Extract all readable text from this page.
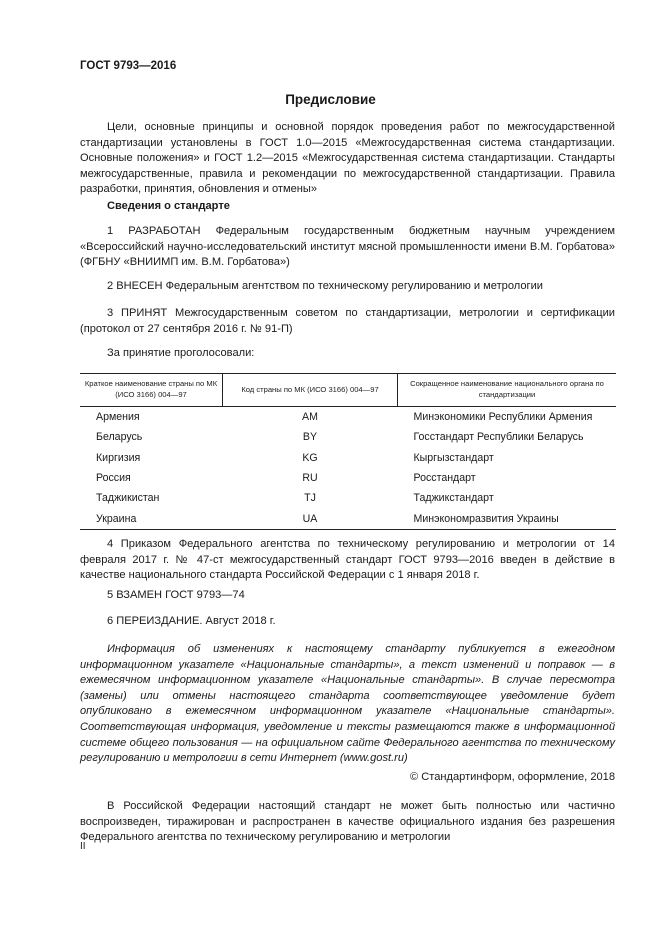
ГОСТ 9793—2016
Предисловие

Цели, основные принципы и основной порядок проведения работ по межгосударственной стандартизации установлены в ГОСТ 1.0—2015 «Межгосударственная система стандартизации. Основные положения» и ГОСТ 1.2—2015 «Межгосударственная система стандартизации. Стандарты межгосударственные, правила и рекомендации по межгосударственной стандартизации. Правила разработки, принятия, обновления и отмены»

Сведения о стандарте

1 РАЗРАБОТАН Федеральным государственным бюджетным научным учреждением «Всероссийский научно-исследовательский институт мясной промышленности имени В.М. Горбатова» (ФГБНУ «ВНИИМП им. В.М. Горбатова»)

2 ВНЕСЕН Федеральным агентством по техническому регулированию и метрологии

3 ПРИНЯТ Межгосударственным советом по стандартизации, метрологии и сертификации (протокол от 27 сентября 2016 г. № 91-П)

За принятие проголосовали:

Краткое наименование страны по МК (ИСО 3166) 004—97	Код страны по МК (ИСО 3166) 004—97	Сокращенное наименование национального органа по стандартизации
Армения	AM	Минэкономики Республики Армения
Беларусь	BY	Госстандарт Республики Беларусь
Киргизия	KG	Кыргызстандарт
Россия	RU	Росстандарт
Таджикистан	TJ	Таджикстандарт
Украина	UA	Минэкономразвития Украины

4 Приказом Федерального агентства по техническому регулированию и метрологии от 14 февраля 2017 г. № 47-ст межгосударственный стандарт ГОСТ 9793—2016 введен в действие в качестве национального стандарта Российской Федерации с 1 января 2018 г.

5 ВЗАМЕН ГОСТ 9793—74

6 ПЕРЕИЗДАНИЕ. Август 2018 г.

Информация об изменениях к настоящему стандарту публикуется в ежегодном информационном указателе «Национальные стандарты», а текст изменений и поправок — в ежемесячном информационном указателе «Национальные стандарты». В случае пересмотра (замены) или отмены настоящего стандарта соответствующее уведомление будет опубликовано в ежемесячном информационном указателе «Национальные стандарты». Соответствующая информация, уведомление и тексты размещаются также в информационной системе общего пользования — на официальном сайте Федерального агентства по техническому регулированию и метрологии в сети Интернет (www.gost.ru)

© Стандартинформ, оформление, 2018

В Российской Федерации настоящий стандарт не может быть полностью или частично воспроизведен, тиражирован и распространен в качестве официального издания без разрешения Федерального агентства по техническому регулированию и метрологии

II
